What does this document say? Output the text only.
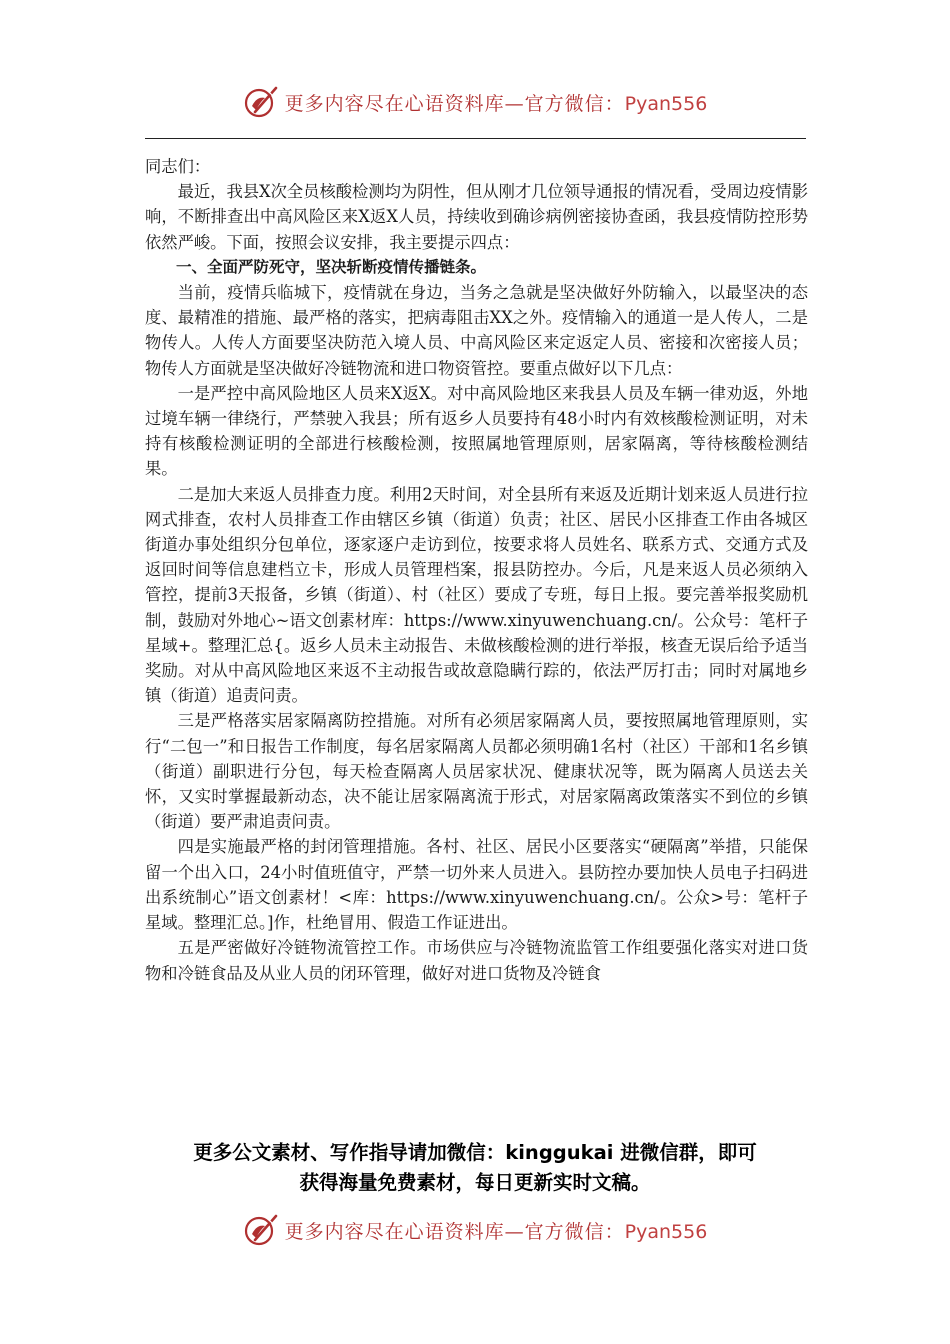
更多内容尽在心语资料库—官方微信：Pyan556

同志们：

最近，我县X次全员核酸检测均为阴性，但从刚才几位领导通报的情况看，受周边疫情影响，不断排查出中高风险区来X返X人员，持续收到确诊病例密接协查函，我县疫情防控形势依然严峻。下面，按照会议安排，我主要提示四点：

一、全面严防死守，坚决斩断疫情传播链条。

当前，疫情兵临城下，疫情就在身边，当务之急就是坚决做好外防输入，以最坚决的态度、最精准的措施、最严格的落实，把病毒阻击XX之外。疫情输入的通道一是人传人，二是物传人。人传人方面要坚决防范入境人员、中高风险区来定返定人员、密接和次密接人员；物传人方面就是坚决做好冷链物流和进口物资管控。要重点做好以下几点：

一是严控中高风险地区人员来X返X。对中高风险地区来我县人员及车辆一律劝返，外地过境车辆一律绕行，严禁驶入我县；所有返乡人员要持有48小时内有效核酸检测证明，对未持有核酸检测证明的全部进行核酸检测，按照属地管理原则，居家隔离，等待核酸检测结果。

二是加大来返人员排查力度。利用2天时间，对全县所有来返及近期计划来返人员进行拉网式排查，农村人员排查工作由辖区乡镇（街道）负责；社区、居民小区排查工作由各城区街道办事处组织分包单位，逐家逐户走访到位，按要求将人员姓名、联系方式、交通方式及返回时间等信息建档立卡，形成人员管理档案，报县防控办。今后，凡是来返人员必须纳入管控，提前3天报备，乡镇（街道）、村（社区）要成了专班，每日上报。要完善举报奖励机制，鼓励对外地心~语文创素材库：https://www.xinyuwenchuang.cn/。公众号：笔杆子星域+。整理汇总{。返乡人员未主动报告、未做核酸检测的进行举报，核查无误后给予适当奖励。对从中高风险地区来返不主动报告或故意隐瞒行踪的，依法严厉打击；同时对属地乡镇（街道）追责问责。

三是严格落实居家隔离防控措施。对所有必须居家隔离人员，要按照属地管理原则，实行“二包一”和日报告工作制度，每名居家隔离人员都必须明确1名村（社区）干部和1名乡镇（街道）副职进行分包，每天检查隔离人员居家状况、健康状况等，既为隔离人员送去关怀，又实时掌握最新动态，决不能让居家隔离流于形式，对居家隔离政策落实不到位的乡镇（街道）要严肃追责问责。

四是实施最严格的封闭管理措施。各村、社区、居民小区要落实“硬隔离”举措，只能保留一个出入口，24小时值班值守，严禁一切外来人员进入。县防控办要加快人员电子扫码进出系统制心”语文创素材！<库：https://www.xinyuwenchuang.cn/。公众>号：笔杆子星域。整理汇总。]作，杜绝冒用、假造工作证进出。

五是严密做好冷链物流管控工作。市场供应与冷链物流监管工作组要强化落实对进口货物和冷链食品及从业人员的闭环管理，做好对进口货物及冷链食

更多公文素材、写作指导请加微信：kinggukai 进微信群，即可
获得海量免费素材，每日更新实时文稿。
更多内容尽在心语资料库—官方微信：Pyan556
